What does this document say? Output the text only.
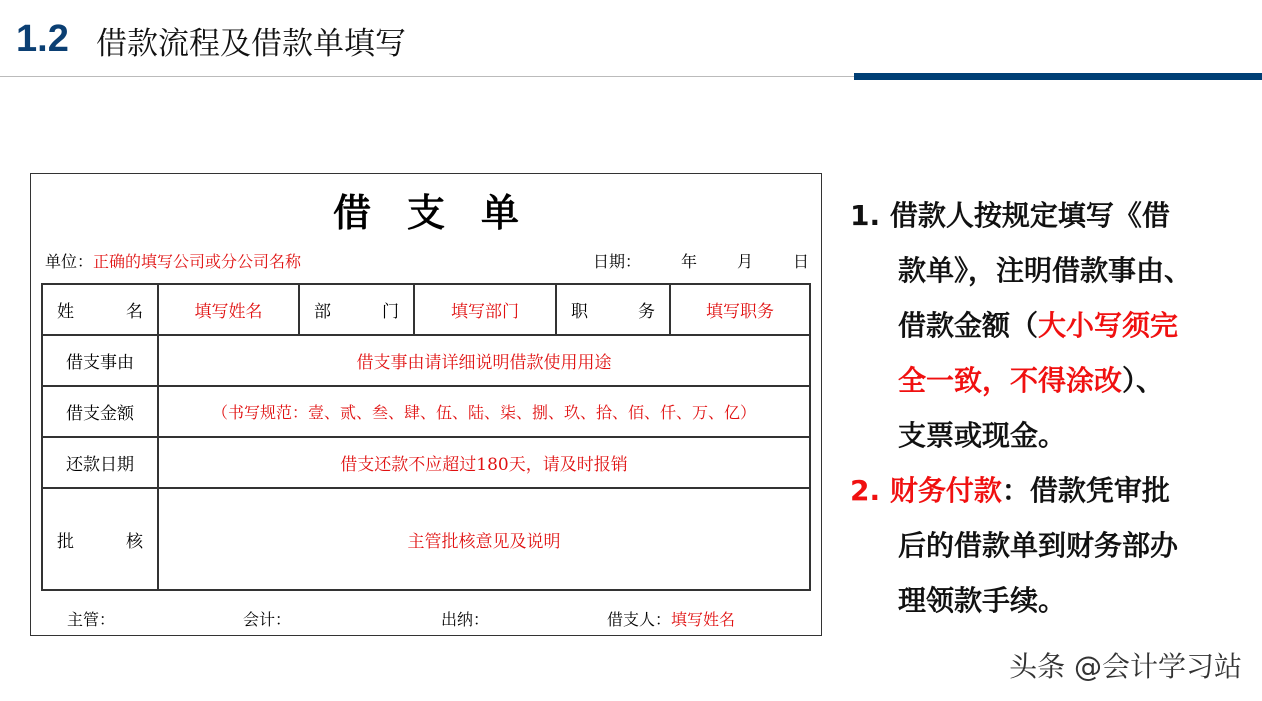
1.2 借款流程及借款单填写
借支单
单位：正确的填写公司或分公司名称	日期：	年	月	日
姓 名	填写姓名	部 门	填写部门	职 务	填写职务
借支事由	借支事由请详细说明借款使用用途				
借支金额	（书写规范：壹、贰、叁、肆、伍、陆、柒、捌、玖、拾、佰、仟、万、亿）				
还款日期	借支还款不应超过180天，请及时报销				

批 核	主管批核意见及说明				
主管：	会计：	出纳：	借支人：填写姓名
1. 借款人按规定填写《借
款单》，注明借款事由、
借款金额（大小写须完
全一致，不得涂改）、
支票或现金。
2. 财务付款：借款凭审批
后的借款单到财务部办
理领款手续。
头条 @会计学习站
